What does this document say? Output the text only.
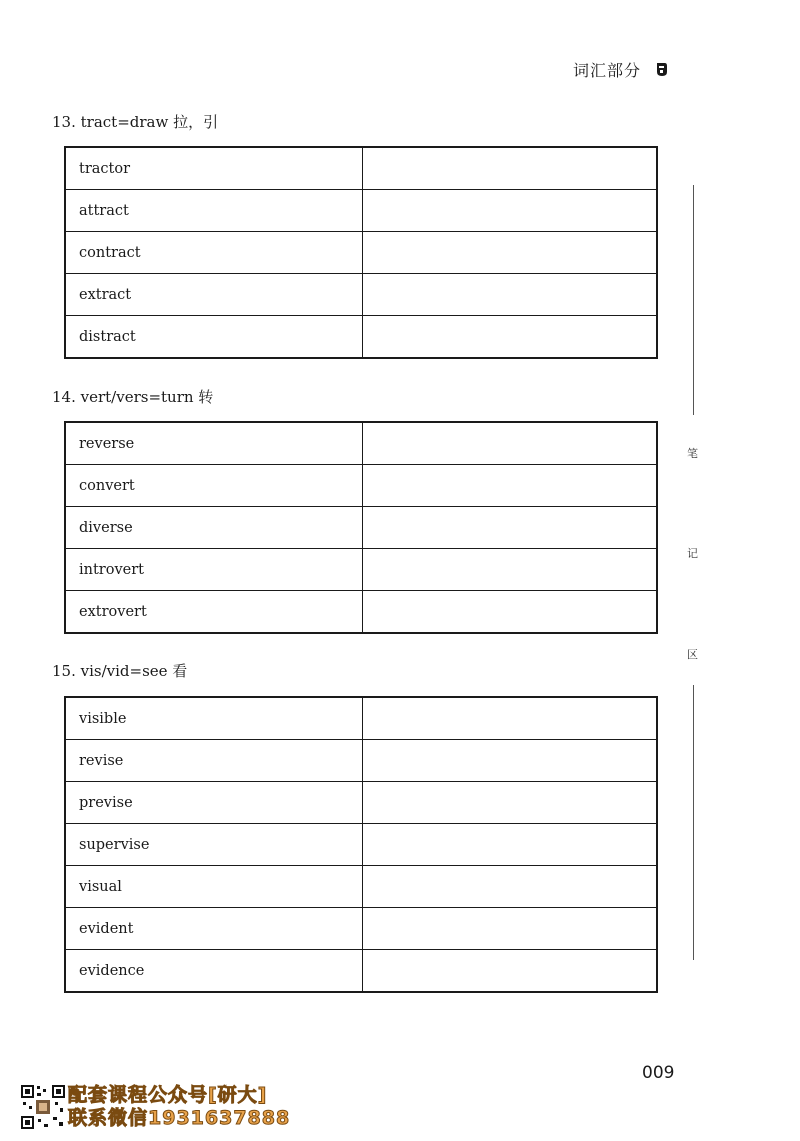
词汇部分
13. tract=draw 拉，引
tractor	
attract	
contract	
extract	
distract	
14. vert/vers=turn 转
reverse	
convert	
diverse	
introvert	
extrovert	
15. vis/vid=see 看
visible	
revise	
previse	
supervise	
visual	
evident	
evidence	
笔
记
区
009
配套课程公众号[研大]
联系微信1931637888
